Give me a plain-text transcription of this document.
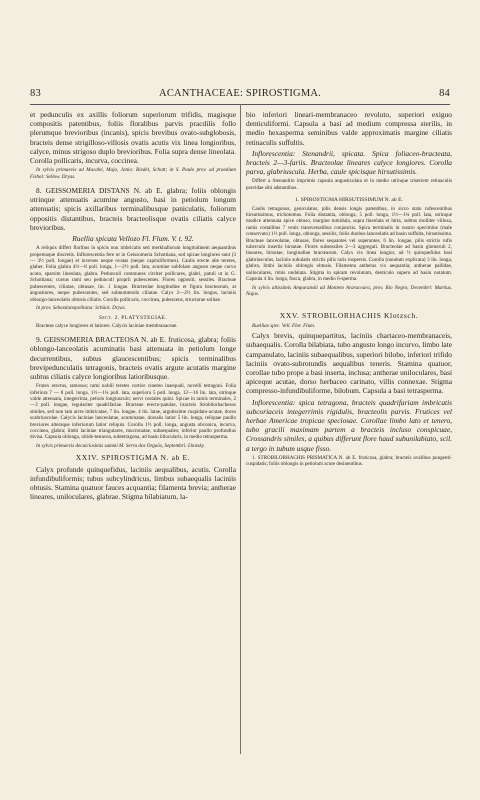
83	ACANTHACEAE: SPIROSTIGMA.	84

et pedunculis ex axillis foliorum superiorum trifidis, magisque compositis patentibus, foliis floralibus parvis pracdilis follo plerumque brevioribus (incanis), spicis brevibus ovato-subglobosis, bracteis dense strigilloso-villosis ovatis acutis vix linea longioribus, calyce, minus strigoso duplo brevioribus. Folia supra dense lineolata. Corolla pollicaris, incurva, coccinea.

In sylvis primaevis ad Macahé, Majo, Janio: Riedel, Schott; in S. Paulo prov. ad praedium Fishal: Sellow. Dryas.

8. GEISSOMERIA DISTANS N. ab E. glabra; foliis oblongis utrinque attenuatis acumine angusto, basi in petiolum longum attenuatis; spicis axillaribus terminalibusque paniculatis, foliorum oppositis distantibus, bracteis bracteolisque ovatis ciliatis calyce brevioribus.

Ruellia spicata Vellozo Fl. Flum. V. t. 92.

A reliquis differt floribus in spicis non imbricatis sed merkhallorum longitudinem aequantibus propereaque discretis. Inflorescentia fere ut in Geissomeria Schottiana, sed spicae longiores sunt (3 — 3½ poll. longae) et inverses neque ovatas (neque capituliformes). Caulis erecte alte teretes, glaber. Folia glabra 4½—8 poll. longa, 1—2½ poll. lata, acumine subfolato angusto neque curvo acuto, sparsim lineolata, glabra. Pedunculi communes circiter pollicares, glabri, patuli ut in G. Schottiana; cursus rami seu pedunculi proprii pubescentes. Flores oppositi, sessiles. Bracteae pubescentes, ciliatae, obtusae, lin. 1 longae. Bracteolae longitudine et figura bractearum, at angustiores, neque pubescentes, sed subnummodo ciliatae. Calyx 2—2½ lin. longus, laciniis oblongo-lanceolatis obtusis ciliatis. Corolla pollicaris, coccinea, pubescens, structurae solitae.

In prov. Sebastianopolitana: Schück. Dryas.

Sect. 2. PLATYSTEGIAE.

Bracteae calyce longiores et latiores. Calycis laciniae membranaceae.

9. GEISSOMERIA BRACTEOSA N. ab E. fruticosa, glabra; foliis oblongo-lanceolatis acuminatis basi attenuata in petiolum longe decurrentibus, subtus glaucescentibus; spicis terminalibus brevipedunculatis tetragonis, bracteis ovatis argute acutatis margine subtus ciliatis calyce longioribus latioribusque.

Frutex erectus, ramosus; rami nobili teretes cortice cinereo inaequali, novelli tetragoni. Folia inferiora 7 — 8 poll. longa, 1½—1¼ poll. lata, superiora 5 poll. longa, 12—16 lin. lata, utrinque valde attenuata, integerrima, petiolo longiusculo; nervi costales quini. Spicae in ramis terminales, 2—3 poll. longae, regulariter quadrifariae. Bracteae erecto-patulae, bracteis Strobilorhachesos similes, sed non tam arcte imbricatae, 7 lin. longae, 4 lin. latae, argutissime cuspidato-acutae, dorso scabriusculae. Calycis laciniae lanceolatae, acuminatae, dorsalis latior 5 lin. longa, reliquae paullo breviores alteraque inferiorum latior reliquis. Corolla 1½ poll. longa, angusta obconica, incurva, coccinea, glabra; limbi laciniae triangulares, mucronatae, subaequales; inferior paullo profundius divisa. Capsula oblonga, nitide-testacea, subtetragona, ad basin bilocularis, in medio tetrasperma.

In sylvis primaevis decuiciosimis summi M. Serra dos Orgaôs, Septembri: Lhotsky.

XXIV. SPIROSTIGMA N. ab E.

Calyx profunde quinquefidus, laciniis aequalibus, acutis. Corolla infundibuliformis; tubus subcylindricus, limbus subaequalis laciniis obtusis. Stamina quatuor fauces acquantia; filamenta brevia; antherae lineares, uniloculares, glabrae. Stigma bilabiatum, la-

bio inferiori lineari-membranaceo revoluto, superiori exiguo denticuliformi. Capsula a basi ad medium compressa sterilis, in medio hexasperma seminibus valde approximatis margine ciliatis retinaculis suffultis.

Inflorescentia: Stenandrii, spicata. Spica foliaceo-bracteata, bracteis 2—3-fariis. Bracteolae lineares calyce longiores. Corolla parva, glabriuscula. Herba, caule spicisque hirsutissimis.

Differt a Stenandrio imprimis capsula angusticulata et in medio utrinque triseriem retinaculis pravidae sibi adstantibus.

1. SPIROSTIGMA HIRSUTISSIMUM N. ab E.

Caulis tetragonus, geniculatus, pilis densis longis patentibus, in sicco statu rufescentibus hirsutissimus, trichotomus. Folia distantia, oblonga, 5 poll. longa, 1½—1¾ poll. lata, utrinque modice attenuata apice obtuso, margine tumidula, supra lineolata et hirta, subtus molliter villosa, ramis costalibus 7 venis transversalibus conjunctis. Spica terminalis in nostro specimine (male conservato) 1½ poll. longa, oblonga, sessilis, foliis duobus lanceolatis ad basin suffulta, hirsutissima. Bracteae lanceolatae, obtusae, flores sequantes vel superantes, 6 lin. longae, pilis strictis rufis tuberculo insertis hirsutae. Flores subsessiles 2—3 aggregati. Bracteolae ad basin glomeruli 2, lineares, hirsutae, longitudine bractearum. Calyx vix linea longior, ad ½ quinquefidus basi glabriusculus, laciniis subulatis strictis pilis raris inspersis. Corolla (nondum explicata) 3 lin. longa, glabra, limbi laciniis oblongis obtusis. Filamenta antheras vix aequantia; antherae pallidae, uniloculares, rimis undulata. Stigma in spiram revolutum, denticulo supero ad basin notatum. Capsula 4 lin. longa, fusca, glabra, in medio 6-sperma.

In sylvis altissimis Ampuranski ad Montem Araracoara, prov. Rio Negro, Decembri: Martius. Najas.

XXV. STROBILORHACHIS Klotzsch.

Ruelliae spec. Vell. Flor. Flum.

Calyx brevis, quinquepartitus, laciniis chartaceo-membranaceis, subaequalis. Corolla bilabiata, tubo angusto longo incurvo, limbo late campanulato, laciniis subaequalibus, superiori bilobo, inferiori trifido laciniis ovato-subrotundis aequalibus teneris. Stamina quatuor, corollae tubo prope a basi inserta, inclusa; antherae uniloculares, basi apiceque acutae, dorso herbaceo carinato, villis connexae. Stigma compresso-infundibuliforme, bilobum. Capsula a basi tetrasperma.

Inflorescentia: spica tetragona, bracteis quadrifariam imbricatis subcoriaceis integerrimis rigidulis, bracteolis parvis. Frutices vel herbae Americae tropicae speciosae. Corollae limbo lato et tenero, tubo gracili maximam partem a bracteis incluso conspicuae, Crossandris similes, a quibus differunt flore haud subunilabiato, scil. a tergo in tubum usque fisso.

1. STROBILORHACHIS PRISMATICA N. ab E. fruticosa, glabra; bracteis ovalibus pungenti-cuspidatis; foliis oblongis in petiolum acute desinentibus.
